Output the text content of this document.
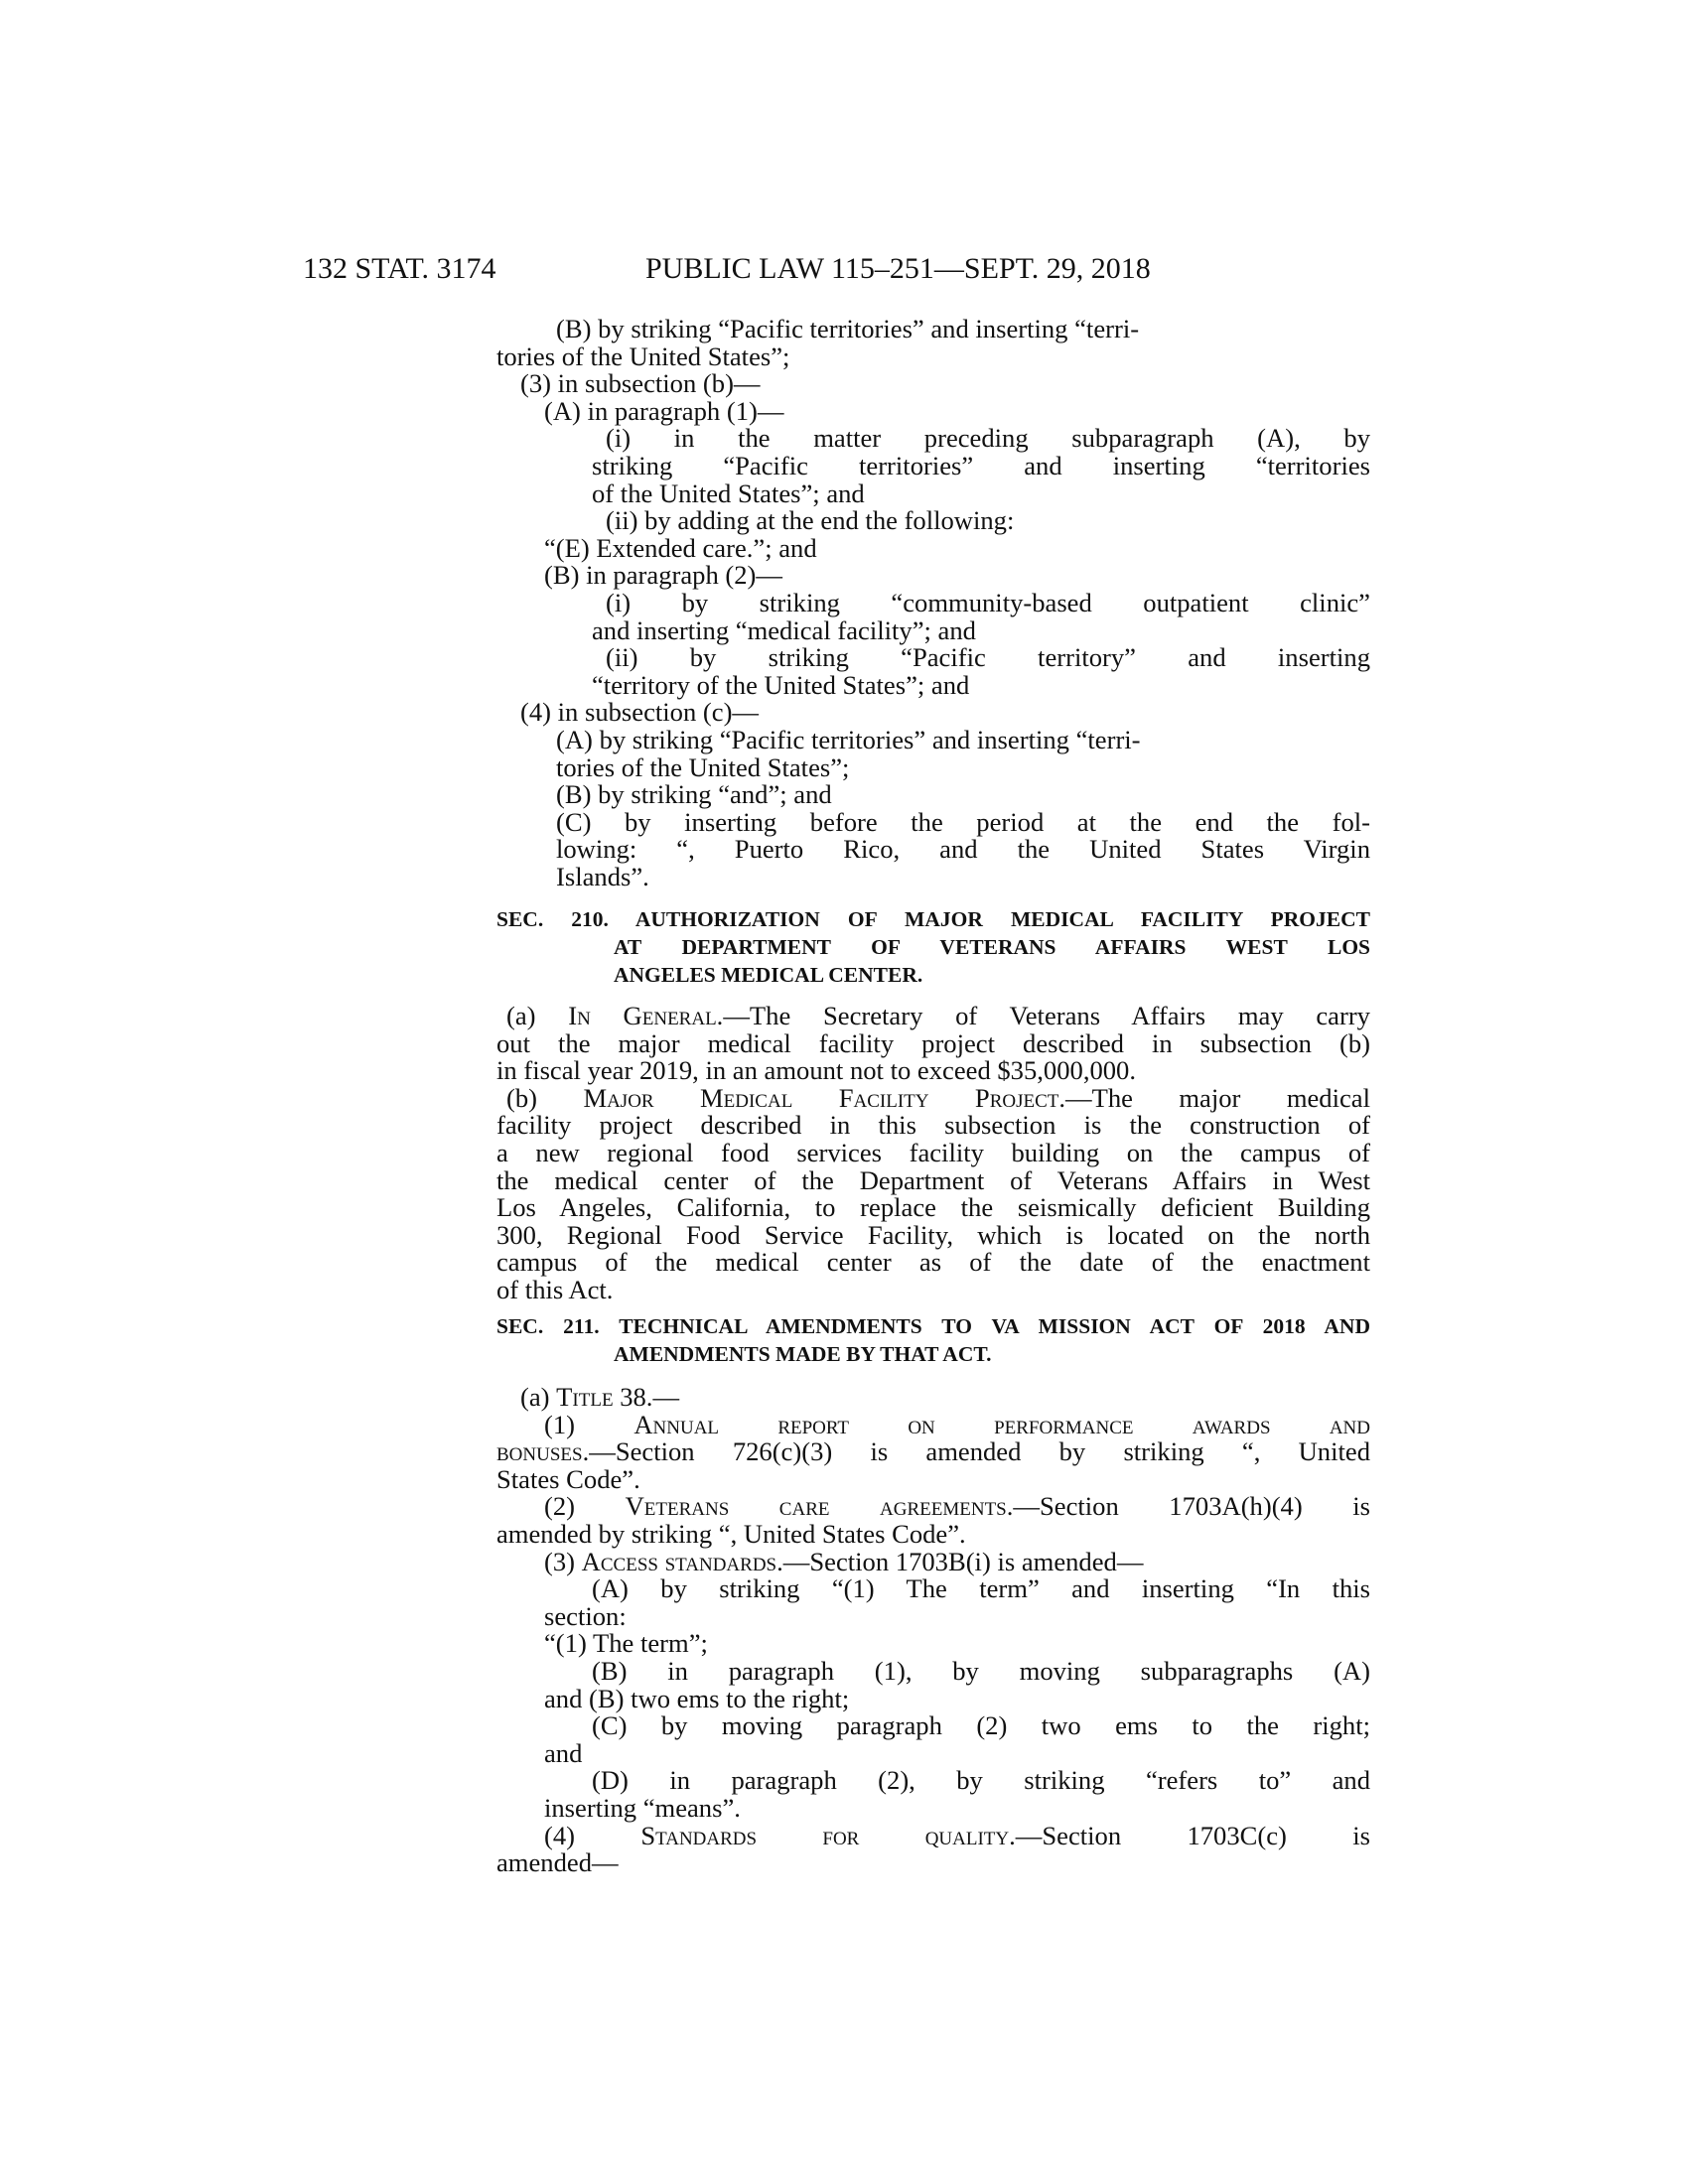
132 STAT. 3174	PUBLIC LAW 115–251—SEPT. 29, 2018
(B) by striking “Pacific territories” and inserting “terri-
tories of the United States”;
(3) in subsection (b)—
(A) in paragraph (1)—
(i) in the matter preceding subparagraph (A), by
striking “Pacific territories” and inserting “territories
of the United States”; and
(ii) by adding at the end the following:
“(E) Extended care.”; and
(B) in paragraph (2)—
(i) by striking “community-based outpatient clinic”
and inserting “medical facility”; and
(ii) by striking “Pacific territory” and inserting
“territory of the United States”; and
(4) in subsection (c)—
(A) by striking “Pacific territories” and inserting “terri-
tories of the United States”;
(B) by striking “and”; and
(C) by inserting before the period at the end the fol-
lowing: “, Puerto Rico, and the United States Virgin
Islands”.
SEC. 210. AUTHORIZATION OF MAJOR MEDICAL FACILITY PROJECT
AT DEPARTMENT OF VETERANS AFFAIRS WEST LOS
ANGELES MEDICAL CENTER.
(a) In General.—The Secretary of Veterans Affairs may carry
out the major medical facility project described in subsection (b)
in fiscal year 2019, in an amount not to exceed $35,000,000.
(b) Major Medical Facility Project.—The major medical
facility project described in this subsection is the construction of
a new regional food services facility building on the campus of
the medical center of the Department of Veterans Affairs in West
Los Angeles, California, to replace the seismically deficient Building
300, Regional Food Service Facility, which is located on the north
campus of the medical center as of the date of the enactment
of this Act.
SEC. 211. TECHNICAL AMENDMENTS TO VA MISSION ACT OF 2018 AND
AMENDMENTS MADE BY THAT ACT.
(a) Title 38.—
(1) Annual report on performance awards and
bonuses.—Section 726(c)(3) is amended by striking “, United
States Code”.
(2) Veterans care agreements.—Section 1703A(h)(4) is
amended by striking “, United States Code”.
(3) Access standards.—Section 1703B(i) is amended—
(A) by striking “(1) The term” and inserting “In this
section:
“(1) The term”;
(B) in paragraph (1), by moving subparagraphs (A)
and (B) two ems to the right;
(C) by moving paragraph (2) two ems to the right;
and
(D) in paragraph (2), by striking “refers to” and
inserting “means”.
(4) Standards for quality.—Section 1703C(c) is
amended—
